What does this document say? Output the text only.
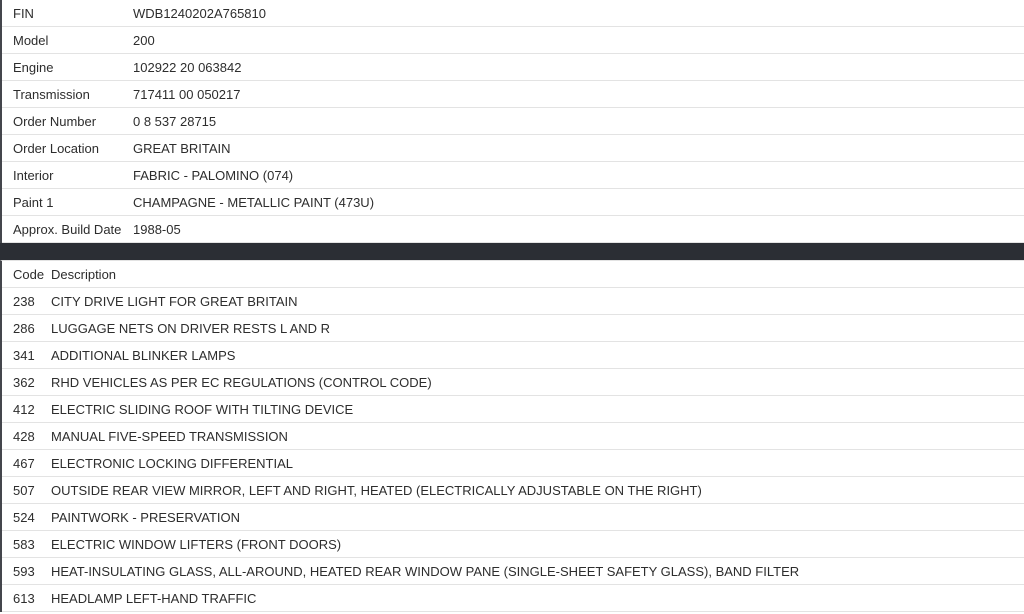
FIN	WDB1240202A765810
Model	200
Engine	102922 20 063842
Transmission	717411 00 050217
Order Number	0 8 537 28715
Order Location	GREAT BRITAIN
Interior	FABRIC - PALOMINO (074)
Paint 1	CHAMPAGNE - METALLIC PAINT (473U)
Approx. Build Date 1988-05
Code Description
238	CITY DRIVE LIGHT FOR GREAT BRITAIN
286	LUGGAGE NETS ON DRIVER RESTS L AND R
341	ADDITIONAL BLINKER LAMPS
362	RHD VEHICLES AS PER EC REGULATIONS (CONTROL CODE)
412	ELECTRIC SLIDING ROOF WITH TILTING DEVICE
428	MANUAL FIVE-SPEED TRANSMISSION
467	ELECTRONIC LOCKING DIFFERENTIAL
507	OUTSIDE REAR VIEW MIRROR, LEFT AND RIGHT, HEATED (ELECTRICALLY ADJUSTABLE ON THE RIGHT)
524	PAINTWORK - PRESERVATION
583	ELECTRIC WINDOW LIFTERS (FRONT DOORS)
593	HEAT-INSULATING GLASS, ALL-AROUND, HEATED REAR WINDOW PANE (SINGLE-SHEET SAFETY GLASS), BAND FILTER
613	HEADLAMP LEFT-HAND TRAFFIC
